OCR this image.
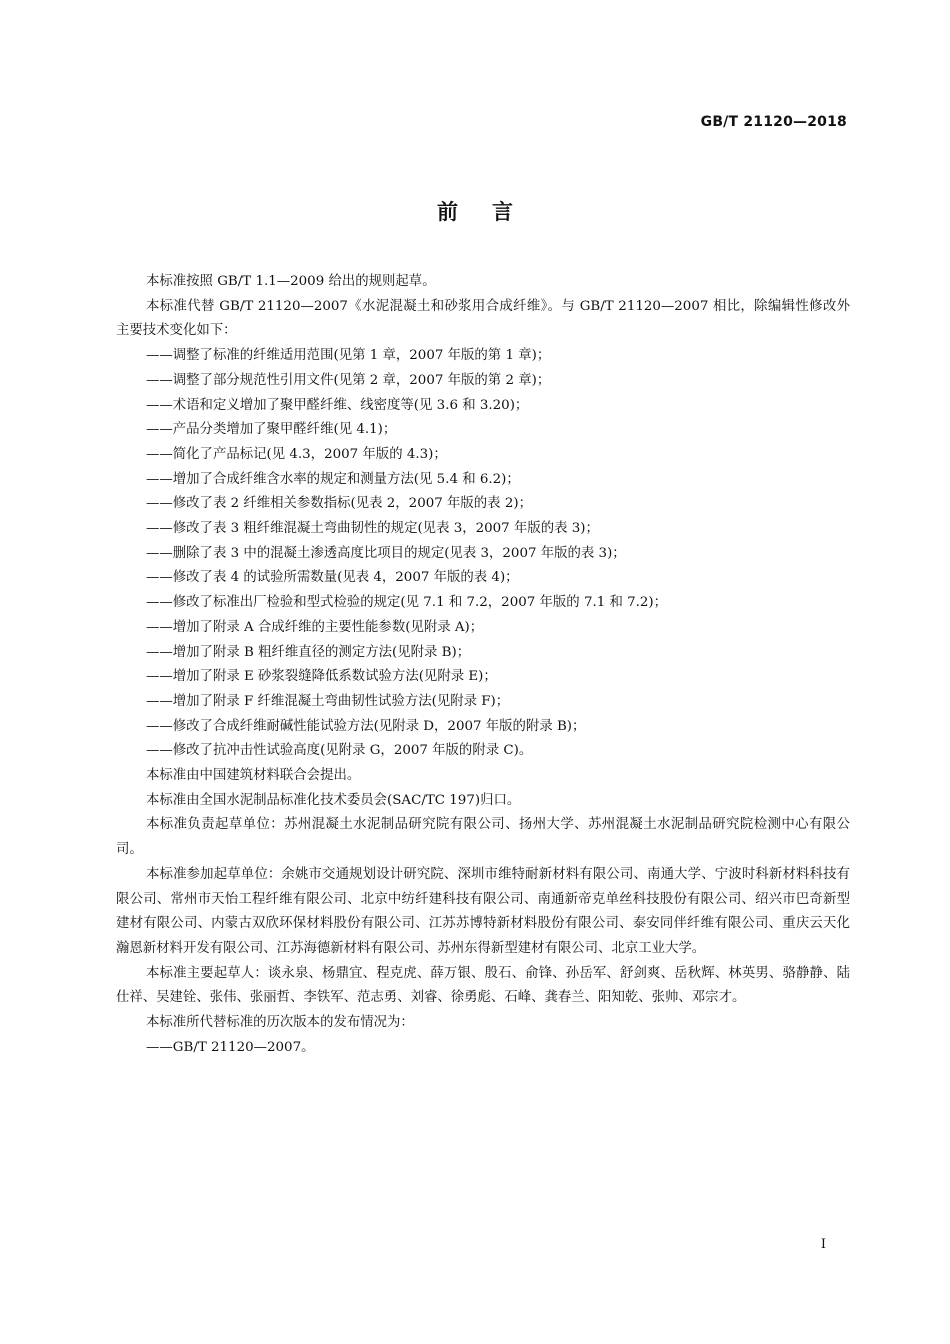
GB/T 21120—2018
前言

本标准按照 GB/T 1.1—2009 给出的规则起草。

本标准代替 GB/T 21120—2007《水泥混凝土和砂浆用合成纤维》。与 GB/T 21120—2007 相比，除编辑性修改外主要技术变化如下：

——调整了标准的纤维适用范围(见第 1 章，2007 年版的第 1 章)；

——调整了部分规范性引用文件(见第 2 章，2007 年版的第 2 章)；

——术语和定义增加了聚甲醛纤维、线密度等(见 3.6 和 3.20)；

——产品分类增加了聚甲醛纤维(见 4.1)；

——简化了产品标记(见 4.3，2007 年版的 4.3)；

——增加了合成纤维含水率的规定和测量方法(见 5.4 和 6.2)；

——修改了表 2 纤维相关参数指标(见表 2，2007 年版的表 2)；

——修改了表 3 粗纤维混凝土弯曲韧性的规定(见表 3，2007 年版的表 3)；

——删除了表 3 中的混凝土渗透高度比项目的规定(见表 3，2007 年版的表 3)；

——修改了表 4 的试验所需数量(见表 4，2007 年版的表 4)；

——修改了标准出厂检验和型式检验的规定(见 7.1 和 7.2，2007 年版的 7.1 和 7.2)；

——增加了附录 A 合成纤维的主要性能参数(见附录 A)；

——增加了附录 B 粗纤维直径的测定方法(见附录 B)；

——增加了附录 E 砂浆裂缝降低系数试验方法(见附录 E)；

——增加了附录 F 纤维混凝土弯曲韧性试验方法(见附录 F)；

——修改了合成纤维耐碱性能试验方法(见附录 D，2007 年版的附录 B)；

——修改了抗冲击性试验高度(见附录 G，2007 年版的附录 C)。

本标准由中国建筑材料联合会提出。

本标准由全国水泥制品标准化技术委员会(SAC/TC 197)归口。

本标准负责起草单位：苏州混凝土水泥制品研究院有限公司、扬州大学、苏州混凝土水泥制品研究院检测中心有限公司。

本标准参加起草单位：余姚市交通规划设计研究院、深圳市维特耐新材料有限公司、南通大学、宁波时科新材料科技有限公司、常州市天怡工程纤维有限公司、北京中纺纤建科技有限公司、南通新帝克单丝科技股份有限公司、绍兴市巴奇新型建材有限公司、内蒙古双欣环保材料股份有限公司、江苏苏博特新材料股份有限公司、泰安同伴纤维有限公司、重庆云天化瀚恩新材料开发有限公司、江苏海德新材料有限公司、苏州东得新型建材有限公司、北京工业大学。

本标准主要起草人：谈永泉、杨鼎宜、程克虎、薛万银、殷石、俞锋、孙岳军、舒剑爽、岳秋辉、林英男、骆静静、陆仕祥、吴建铨、张伟、张丽哲、李铁军、范志勇、刘睿、徐勇彪、石峰、龚春兰、阳知乾、张帅、邓宗才。

本标准所代替标准的历次版本的发布情况为：

——GB/T 21120—2007。

I
